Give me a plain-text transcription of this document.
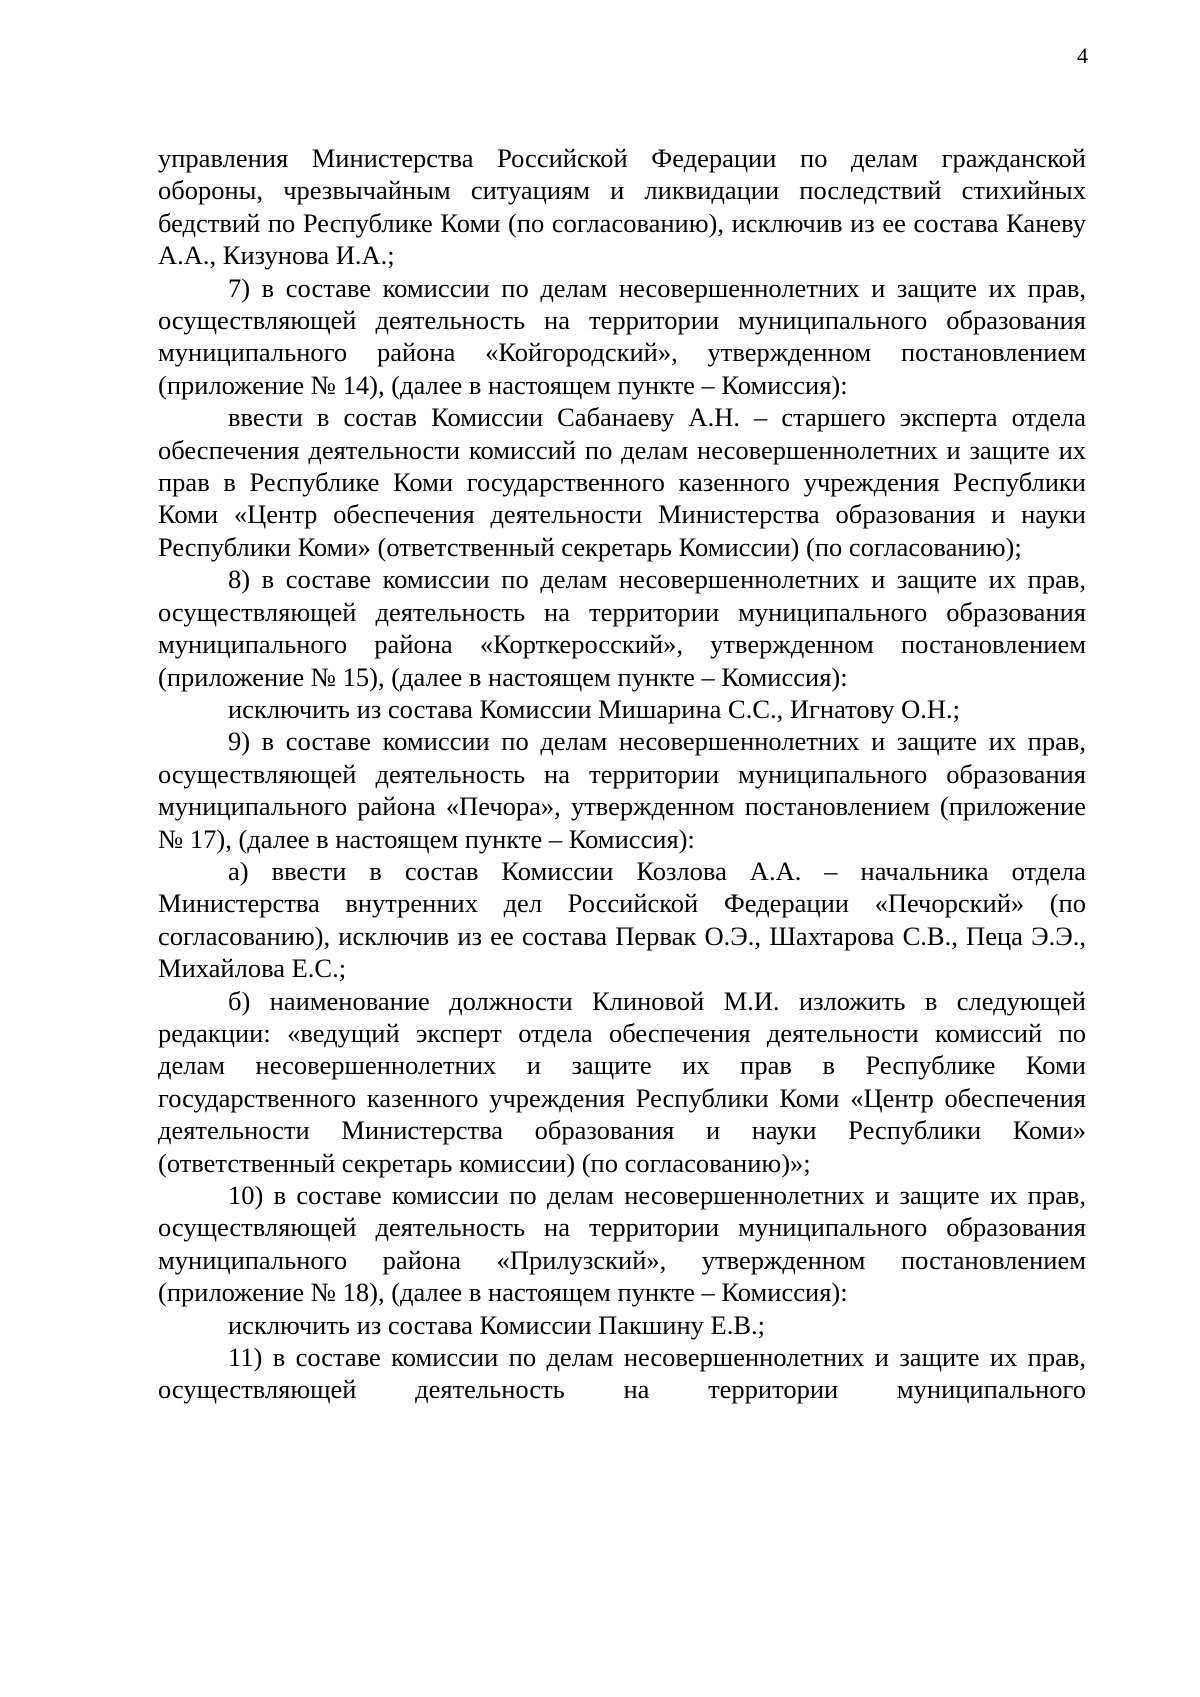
4

управления Министерства Российской Федерации по делам гражданской обороны, чрезвычайным ситуациям и ликвидации последствий стихийных бедствий по Республике Коми (по согласованию), исключив из ее состава Каневу А.А., Кизунова И.А.;

7) в составе комиссии по делам несовершеннолетних и защите их прав, осуществляющей деятельность на территории муниципального образования муниципального района «Койгородский», утвержденном постановлением (приложение № 14), (далее в настоящем пункте – Комиссия):

ввести в состав Комиссии Сабанаеву А.Н. – старшего эксперта отдела обеспечения деятельности комиссий по делам несовершеннолетних и защите их прав в Республике Коми государственного казенного учреждения Республики Коми «Центр обеспечения деятельности Министерства образования и науки Республики Коми» (ответственный секретарь Комиссии) (по согласованию);

8) в составе комиссии по делам несовершеннолетних и защите их прав, осуществляющей деятельность на территории муниципального образования муниципального района «Корткеросский», утвержденном постановлением (приложение № 15), (далее в настоящем пункте – Комиссия):

исключить из состава Комиссии Мишарина С.С., Игнатову О.Н.;

9) в составе комиссии по делам несовершеннолетних и защите их прав, осуществляющей деятельность на территории муниципального образования муниципального района «Печора», утвержденном постановлением (приложение № 17), (далее в настоящем пункте – Комиссия):

а) ввести в состав Комиссии Козлова А.А. – начальника отдела Министерства внутренних дел Российской Федерации «Печорский» (по согласованию), исключив из ее состава Первак О.Э., Шахтарова С.В., Пеца Э.Э., Михайлова Е.С.;

б) наименование должности Клиновой М.И. изложить в следующей редакции: «ведущий эксперт отдела обеспечения деятельности комиссий по делам несовершеннолетних и защите их прав в Республике Коми государственного казенного учреждения Республики Коми «Центр обеспечения деятельности Министерства образования и науки Республики Коми» (ответственный секретарь комиссии) (по согласованию)»;

10) в составе комиссии по делам несовершеннолетних и защите их прав, осуществляющей деятельность на территории муниципального образования муниципального района «Прилузский», утвержденном постановлением (приложение № 18), (далее в настоящем пункте – Комиссия):

исключить из состава Комиссии Пакшину Е.В.;

11) в составе комиссии по делам несовершеннолетних и защите их прав, осуществляющей деятельность на территории муниципального
